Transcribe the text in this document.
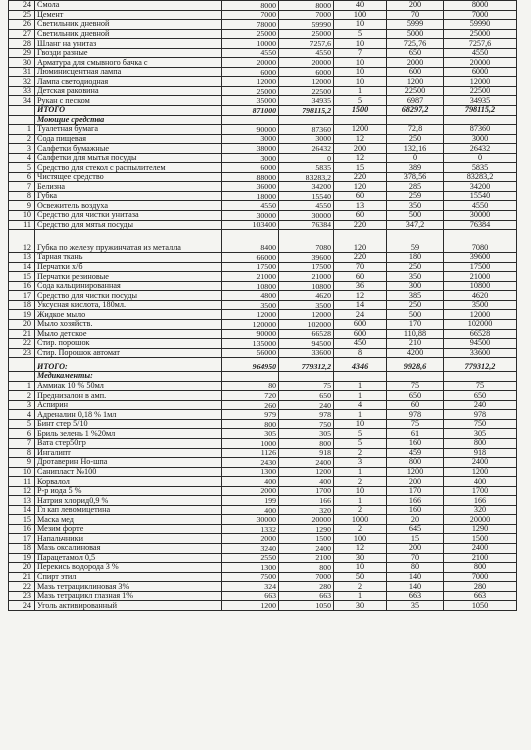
24	Смола	8000	8000	40	200	8000
25	Цемент	7000	7000	100	70	7000
26	Светильник дневной	78000	59990	10	5999	59990
27	Светильник дневной	25000	25000	5	5000	25000
28	Шланг на унитаз	10000	7257,6	10	725,76	7257,6
29	Гвозди разные	4550	4550	7	650	4550
30	Арматура для смывного бачка с	20000	20000	10	2000	20000
31	Люминисцентная лампа	6000	6000	10	600	6000
32	Лампа светодиодная	12000	12000	10	1200	12000
33	Детская раковина	25000	22500	1	22500	22500
34	Рукан с песком	35000	34935	5	6987	34935
	ИТОГО	871000	798115,2	1500	68297,2	798115,2
	Моющие средства					
1	Туалетная бумага	90000	87360	1200	72,8	87360
2	Сода пищевая	3000	3000	12	250	3000
3	Салфетки бумажные	38000	26432	200	132,16	26432
4	Салфетки для мытья посуды	3000	0	12	0	0
5	Средство для стекол с распылителем	6000	5835	15	389	5835
6	Чистящее средство	88000	83283,2	220	378,56	83283,2
7	Белизна	36000	34200	120	285	34200
8	Губка	18000	15540	60	259	15540
9	Освежитель воздуха	4550	4550	13	350	4550
10	Средство для чистки унитаза	30000	30000	60	500	30000
11	Средство для мятья посуды	103400	76384	220	347,2	76384
12	Губка по железу пружинчатая из металла	8400	7080	120	59	7080
13	Тарная ткань	66000	39600	220	180	39600
14	Перчатки х/б	17500	17500	70	250	17500
15	Перчатки резиновые	21000	21000	60	350	21000
16	Сода кальцинированная	10800	10800	36	300	10800
17	Средство для чистки посуды	4800	4620	12	385	4620
18	Уксусная кислота, 180мл.	3500	3500	14	250	3500
19	Жидкое мыло	12000	12000	24	500	12000
20	Мыло хозяйств.	120000	102000	600	170	102000
21	Мыло детское	90000	66528	600	110,88	66528
22	Стир. порошок	135000	94500	450	210	94500
23	Стир. Порошок автомат	56000	33600	8	4200	33600
	ИТОГО:	964950	779312,2	4346	9928,6	779312,2
	Медикаменты:					
1	Аммиак 10 % 50мл	80	75	1	75	75
2	Преднизалон в амп.	720	650	1	650	650
3	Аспирин	260	240	4	60	240
4	Адреналин 0,18 % 1мл	979	978	1	978	978
5	Бинт стер 5/10	800	750	10	75	750
6	Бриль зелень 1 %20мл	305	305	5	61	305
7	Вата стер50гр	1000	800	5	160	800
8	Ингалипт	1126	918	2	459	918
9	Дротаверин Но-шпа	2430	2400	3	800	2400
10	Санипласт №100	1300	1200	1	1200	1200
11	Корвалол	400	400	2	200	400
12	Р-р иода 5 %	2000	1700	10	170	1700
13	Натрия хлорид0,9 %	199	166	1	166	166
14	Гл кап левомицетина	400	320	2	160	320
15	Маска мед	30000	20000	1000	20	20000
16	Мезим форте	1332	1290	2	645	1290
17	Напальчники	2000	1500	100	15	1500
18	Мазь оксалиновая	3240	2400	12	200	2400
19	Парацетамол 0,5	2550	2100	30	70	2100
20	Перекись водорода 3 %	1300	800	10	80	800
21	Спирт этил	7500	7000	50	140	7000
22	Мазь тетрациклиновая 3%	324	280	2	140	280
23	Мазь тетрацикл глазная 1%	663	663	1	663	663
24	Уголь активированный	1200	1050	30	35	1050
